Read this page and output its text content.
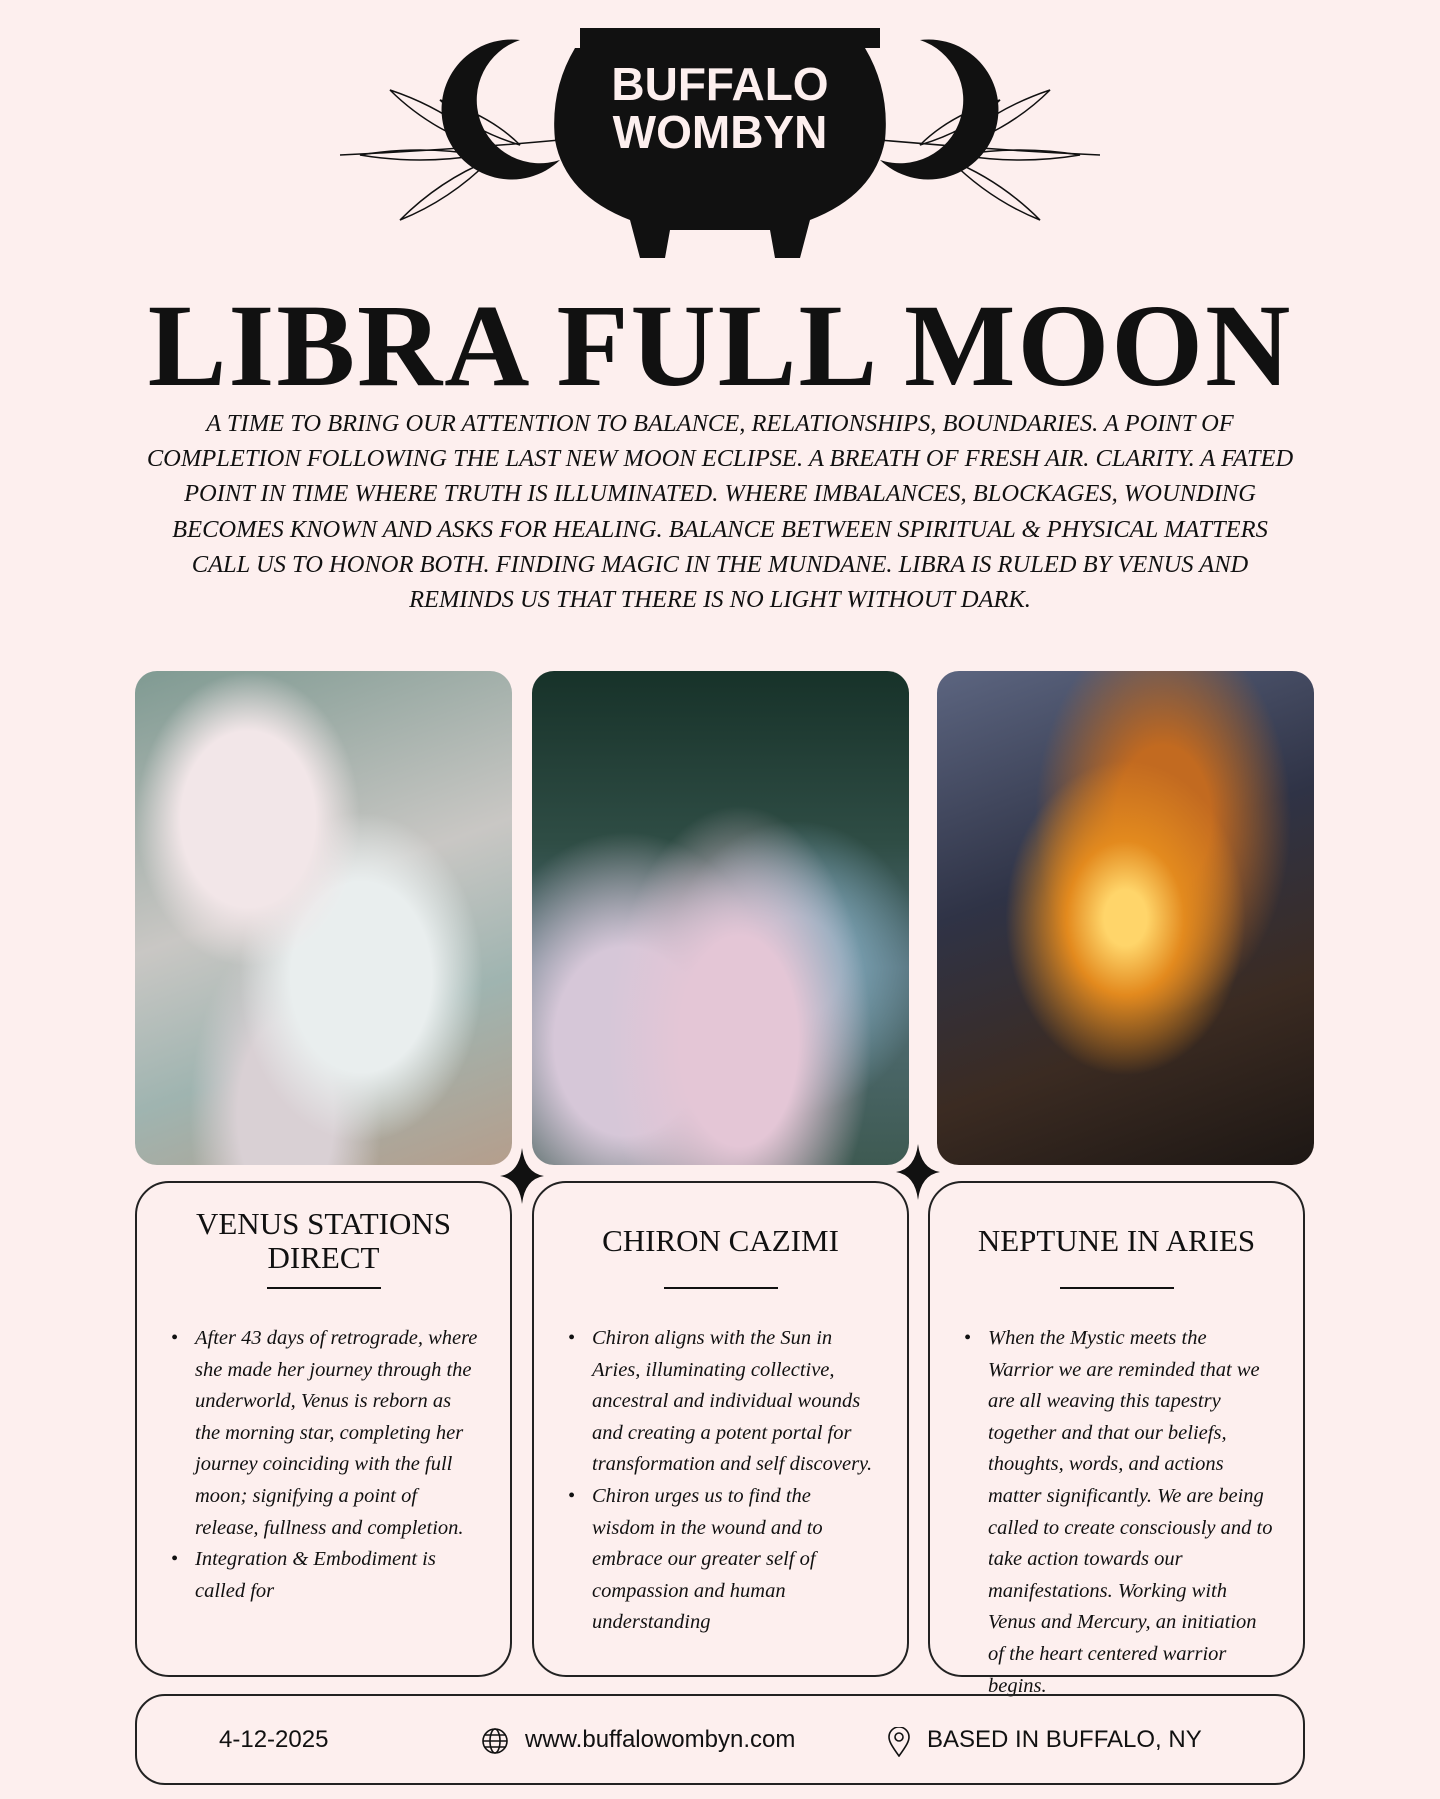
BUFFALO
WOMBYN
LIBRA FULL MOON

A TIME TO BRING OUR ATTENTION TO BALANCE, RELATIONSHIPS, BOUNDARIES. A POINT OF COMPLETION FOLLOWING THE LAST NEW MOON ECLIPSE. A BREATH OF FRESH AIR. CLARITY. A FATED POINT IN TIME WHERE TRUTH IS ILLUMINATED. WHERE IMBALANCES, BLOCKAGES, WOUNDING BECOMES KNOWN AND ASKS FOR HEALING. BALANCE BETWEEN SPIRITUAL & PHYSICAL MATTERS CALL US TO HONOR BOTH. FINDING MAGIC IN THE MUNDANE. LIBRA IS RULED BY VENUS AND REMINDS US THAT THERE IS NO LIGHT WITHOUT DARK.

VENUS STATIONS DIRECT
• After 43 days of retrograde, where she made her journey through the underworld, Venus is reborn as the morning star, completing her journey coinciding with the full moon; signifying a point of release, fullness and completion.
• Integration & Embodiment is called for
CHIRON CAZIMI
• Chiron aligns with the Sun in Aries, illuminating collective, ancestral and individual wounds and creating a potent portal for transformation and self discovery.
• Chiron urges us to find the wisdom in the wound and to embrace our greater self of compassion and human understanding
NEPTUNE IN ARIES
• When the Mystic meets the Warrior we are reminded that we are all weaving this tapestry together and that our beliefs, thoughts, words, and actions matter significantly. We are being called to create consciously and to take action towards our manifestations. Working with Venus and Mercury, an initiation of the heart centered warrior begins.
4-12-2025	www.buffalowombyn.com	BASED IN BUFFALO, NY
